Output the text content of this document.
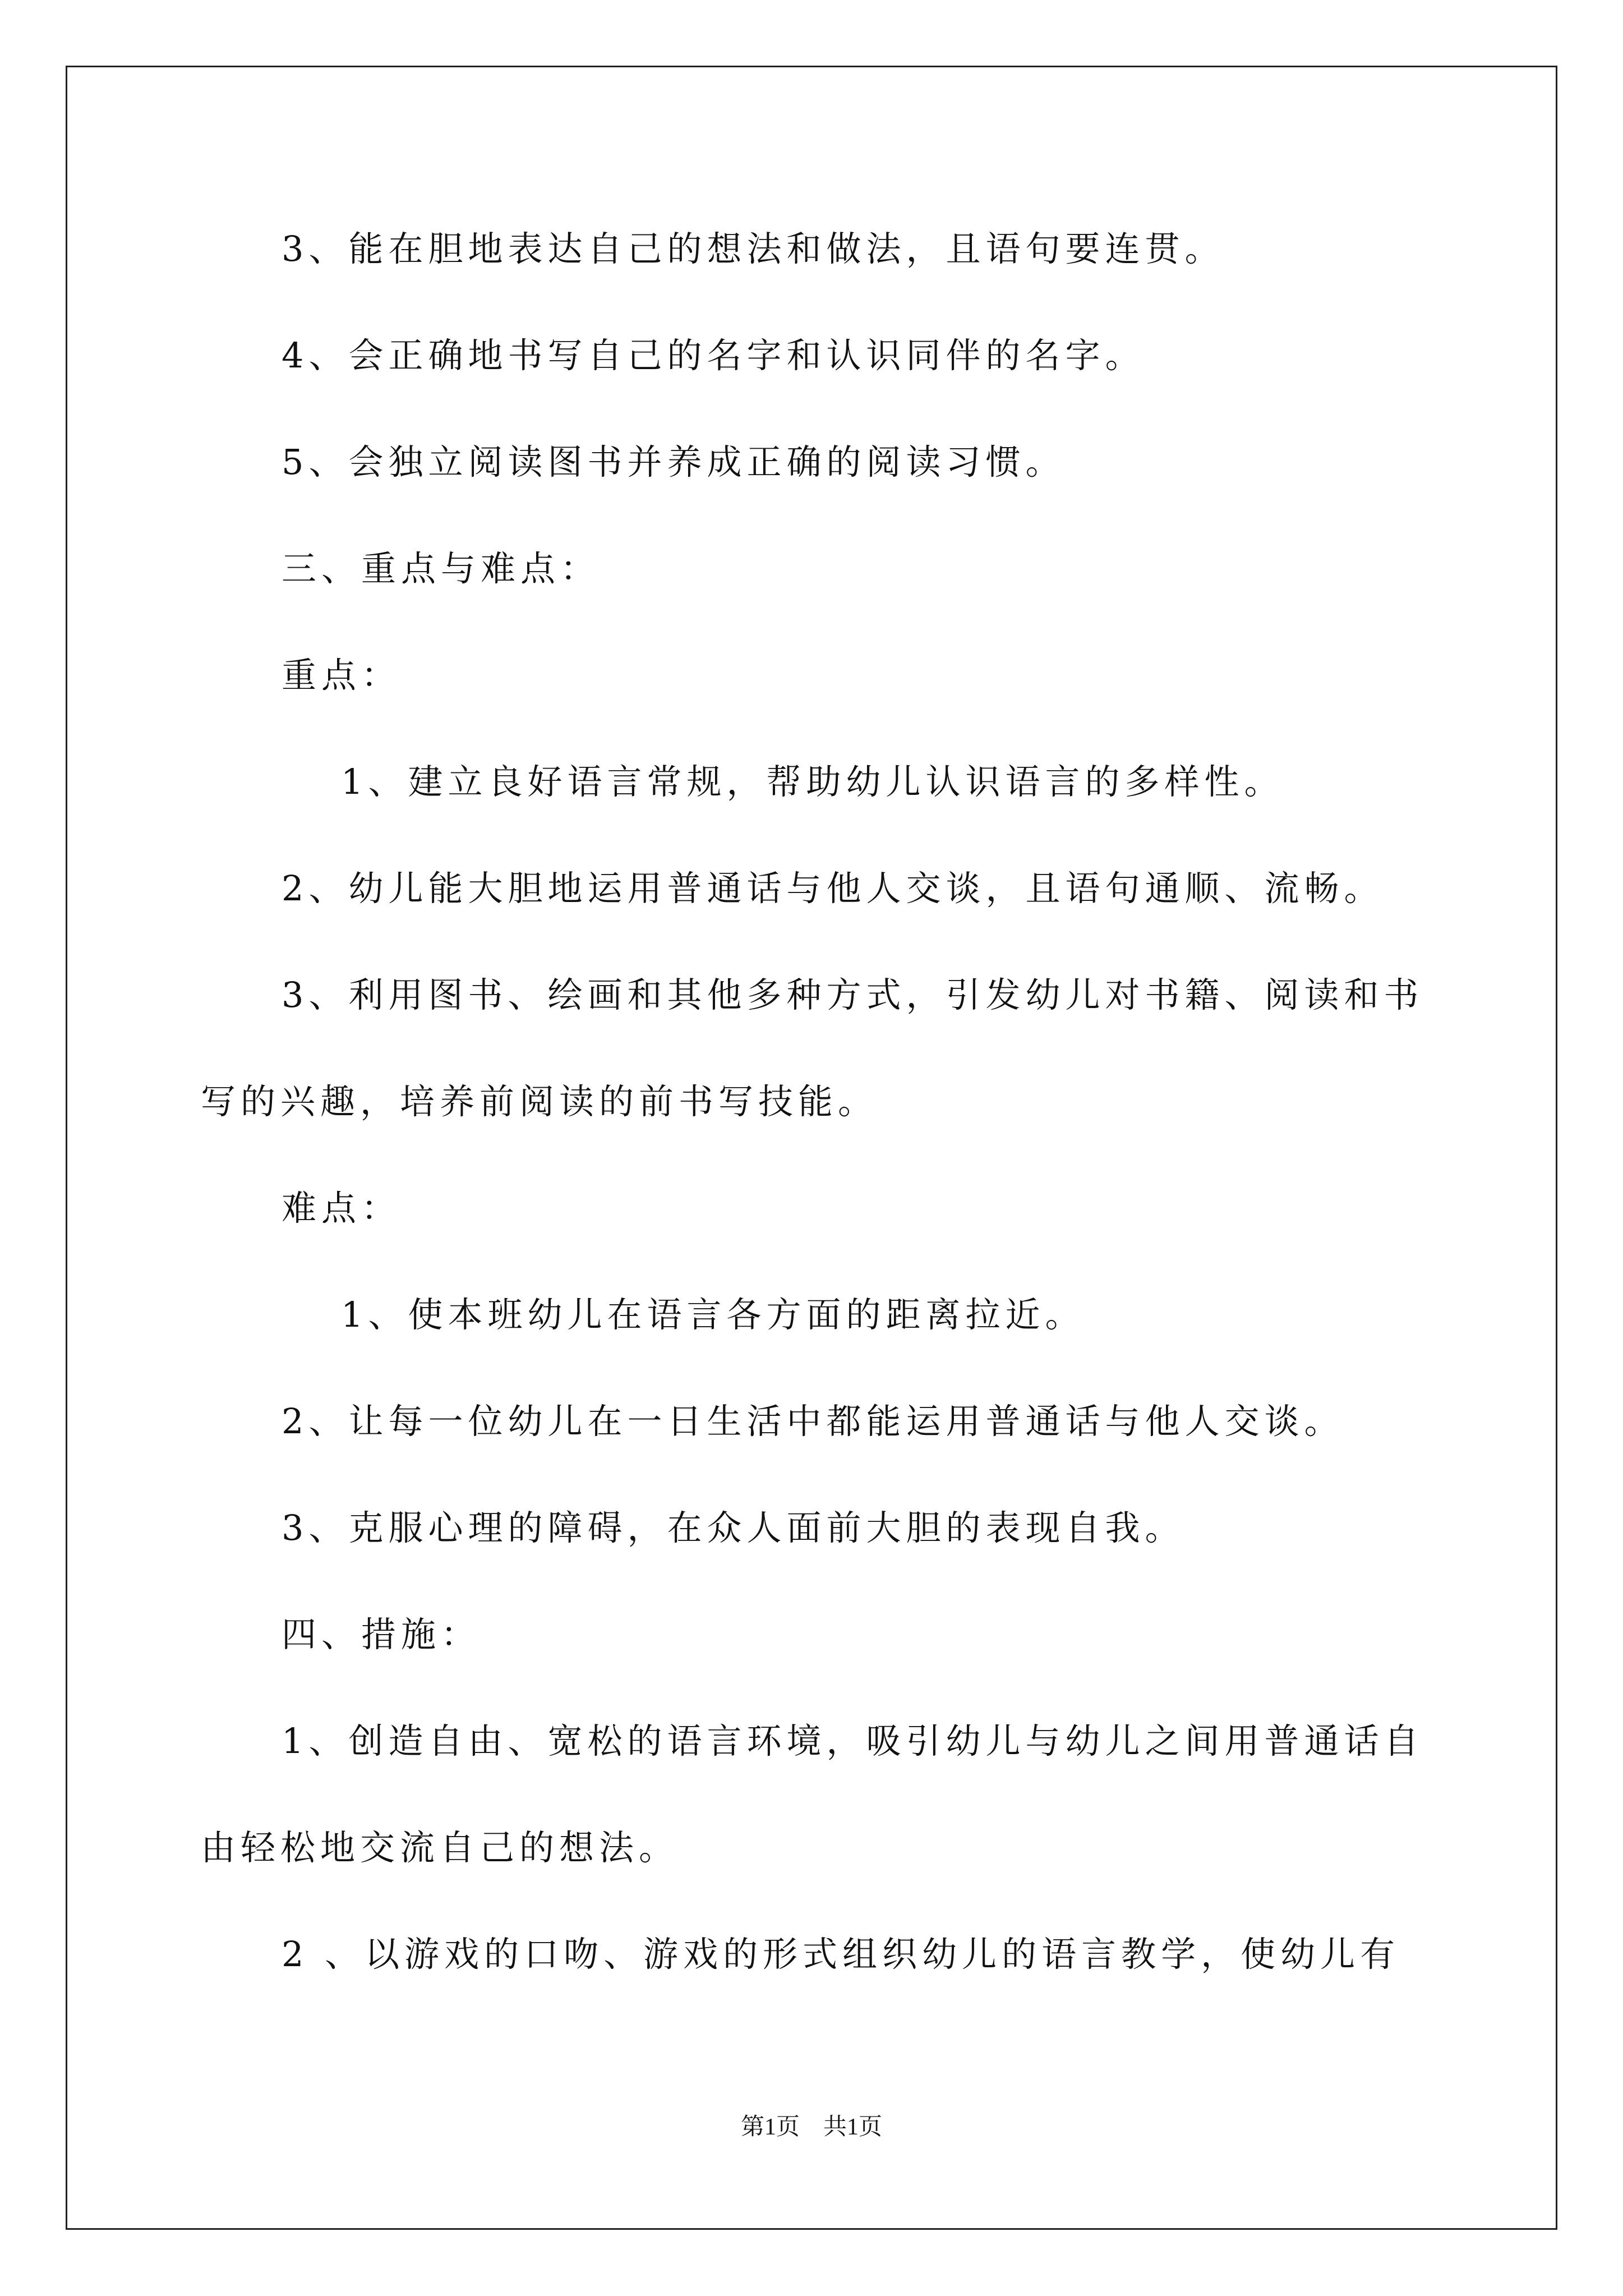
3、能在胆地表达自己的想法和做法，且语句要连贯。

4、会正确地书写自己的名字和认识同伴的名字。

5、会独立阅读图书并养成正确的阅读习惯。

三、重点与难点：

重点：

1、建立良好语言常规，帮助幼儿认识语言的多样性。

2、幼儿能大胆地运用普通话与他人交谈，且语句通顺、流畅。

3、利用图书、绘画和其他多种方式，引发幼儿对书籍、阅读和书

写的兴趣，培养前阅读的前书写技能。

难点：

1、使本班幼儿在语言各方面的距离拉近。

2、让每一位幼儿在一日生活中都能运用普通话与他人交谈。

3、克服心理的障碍，在众人面前大胆的表现自我。

四、措施：

1、创造自由、宽松的语言环境，吸引幼儿与幼儿之间用普通话自

由轻松地交流自己的想法。

2 、以游戏的口吻、游戏的形式组织幼儿的语言教学，使幼儿有

第1页　共1页
